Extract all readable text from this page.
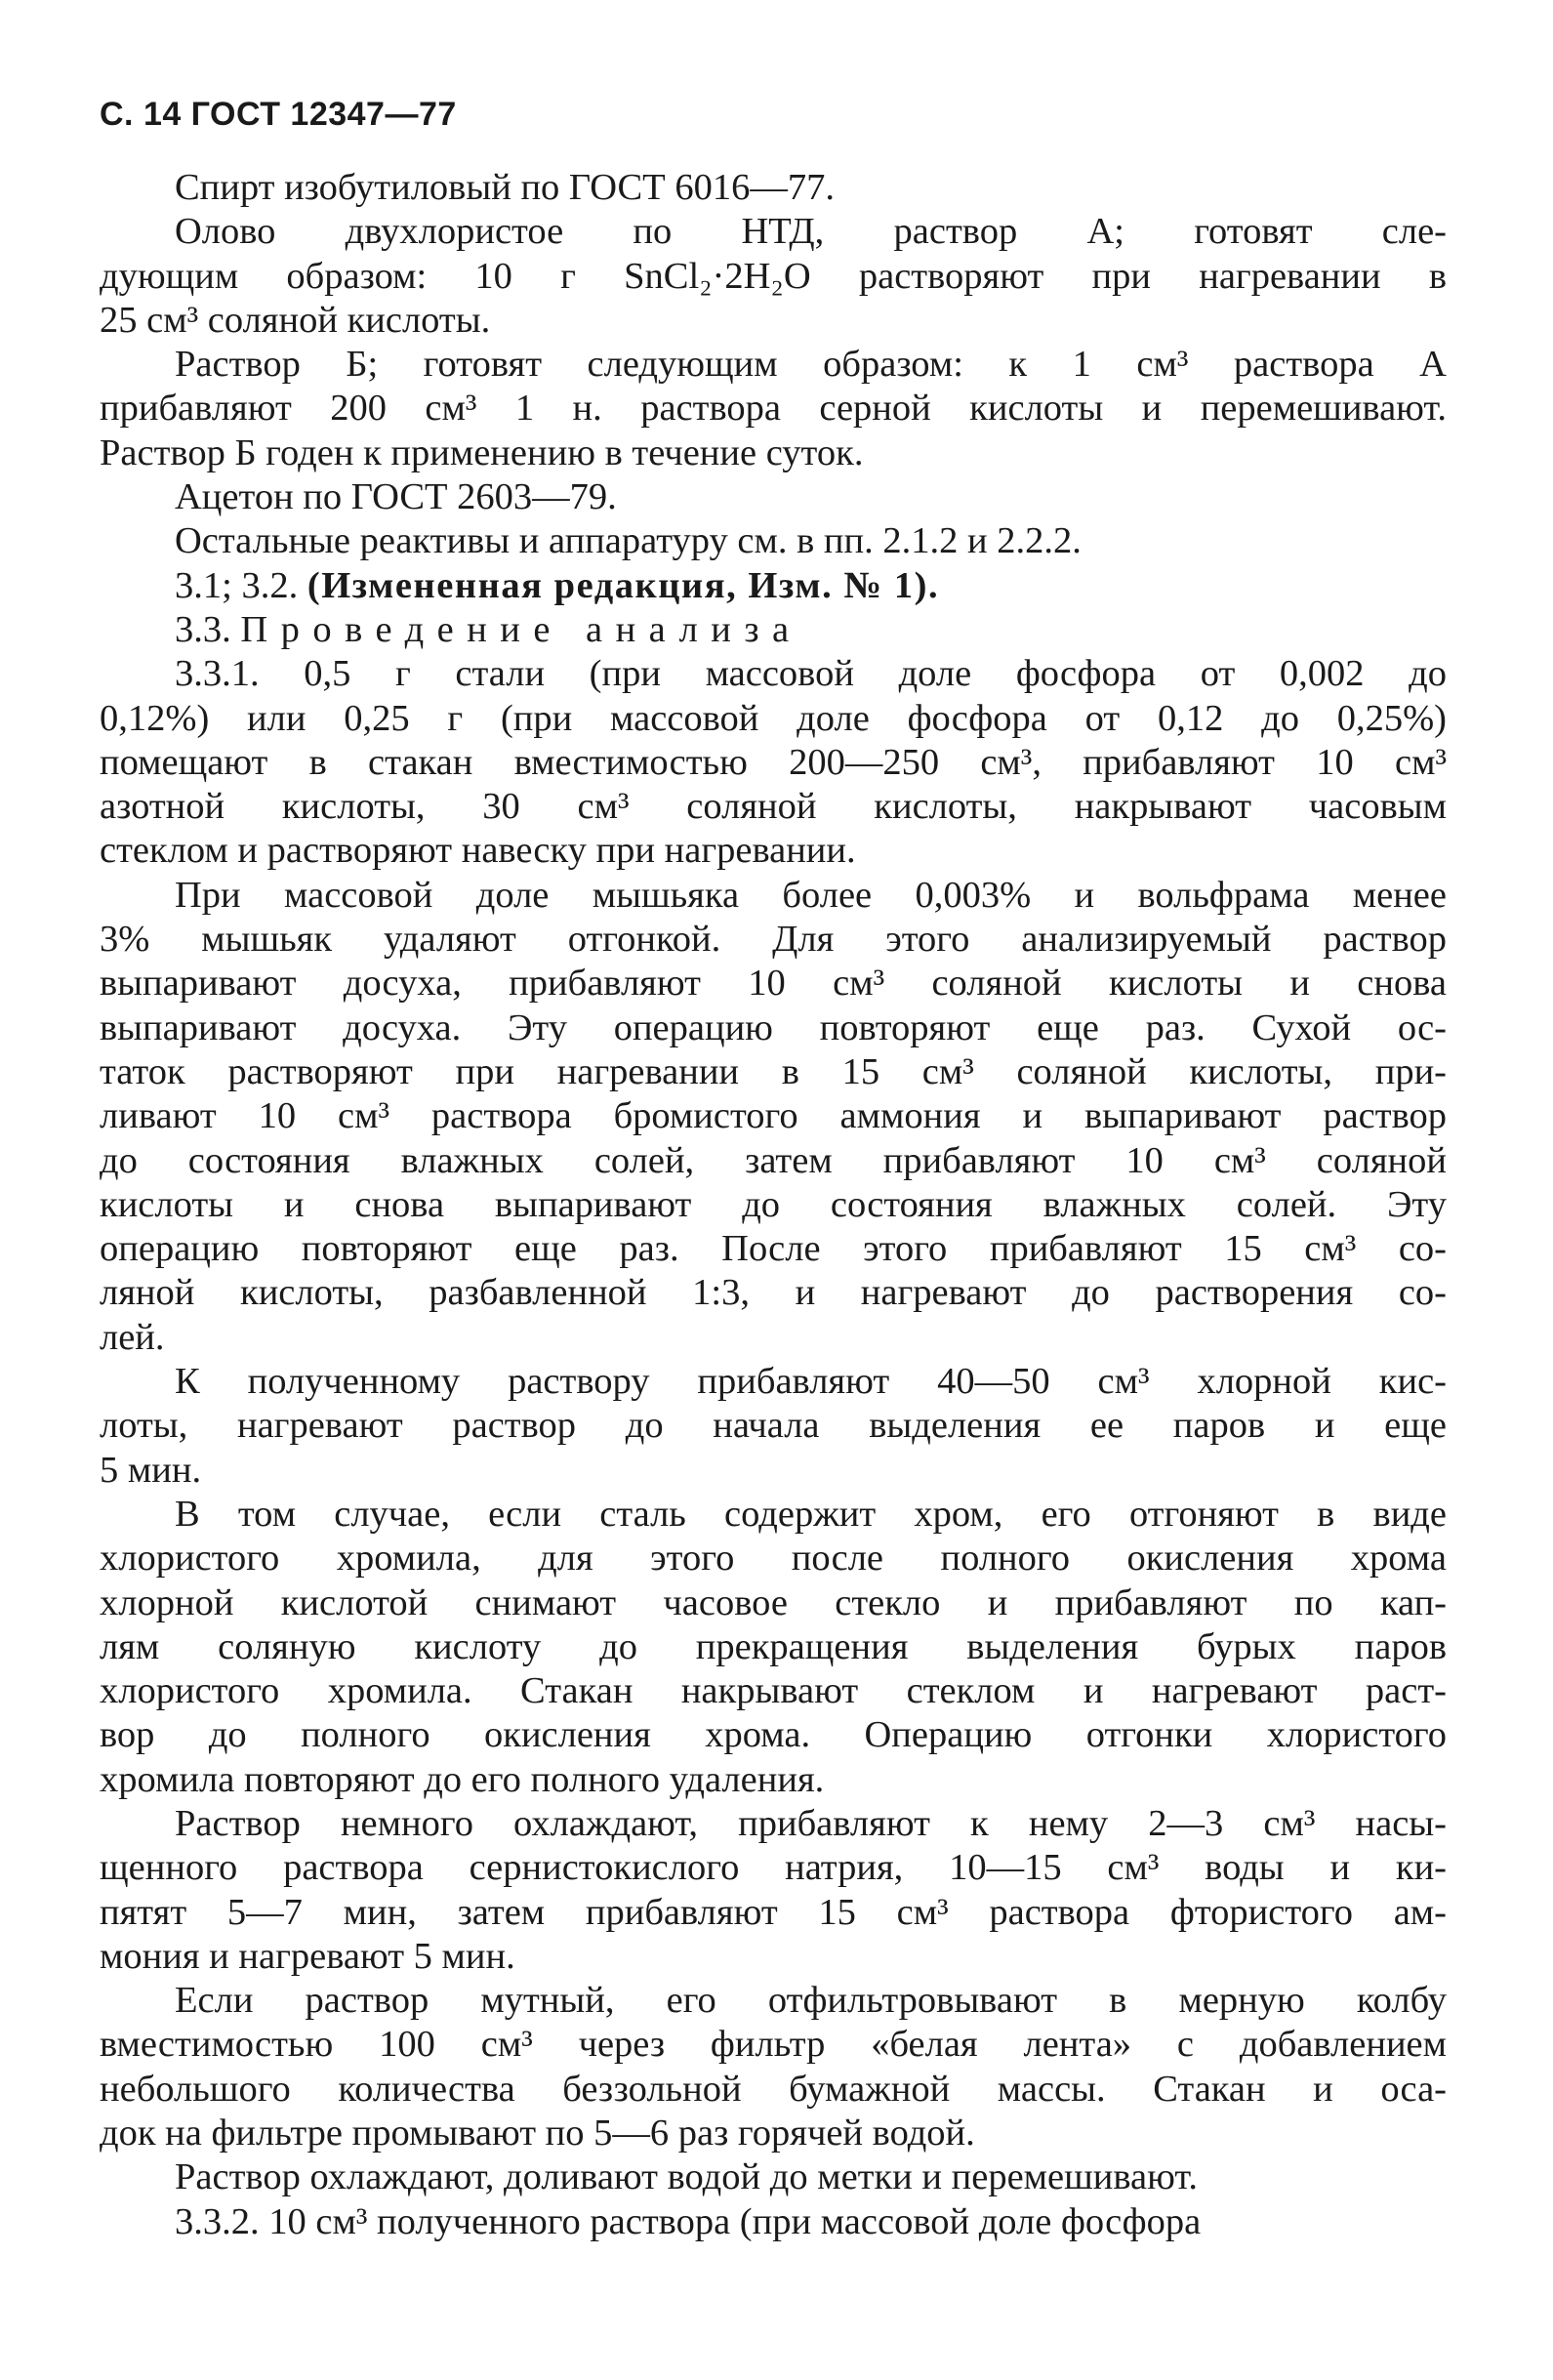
С. 14 ГОСТ 12347—77
Спирт изобутиловый по ГОСТ 6016—77.
Олово двухлористое по НТД, раствор А; готовят сле-
дующим образом: 10 г SnCl₂·2H₂O растворяют при нагревании в
25 см³ соляной кислоты.
Раствор Б; готовят следующим образом: к 1 см³ раствора А
прибавляют 200 см³ 1 н. раствора серной кислоты и перемешивают.
Раствор Б годен к применению в течение суток.
Ацетон по ГОСТ 2603—79.
Остальные реактивы и аппаратуру см. в пп. 2.1.2 и 2.2.2.
3.1; 3.2. (Измененная редакция, Изм. № 1).
3.3. Проведение анализа
3.3.1. 0,5 г стали (при массовой доле фосфора от 0,002 до
0,12%) или 0,25 г (при массовой доле фосфора от 0,12 до 0,25%)
помещают в стакан вместимостью 200—250 см³, прибавляют 10 см³
азотной кислоты, 30 см³ соляной кислоты, накрывают часовым
стеклом и растворяют навеску при нагревании.
При массовой доле мышьяка более 0,003% и вольфрама менее
3% мышьяк удаляют отгонкой. Для этого анализируемый раствор
выпаривают досуха, прибавляют 10 см³ соляной кислоты и снова
выпаривают досуха. Эту операцию повторяют еще раз. Сухой ос-
таток растворяют при нагревании в 15 см³ соляной кислоты, при-
ливают 10 см³ раствора бромистого аммония и выпаривают раствор
до состояния влажных солей, затем прибавляют 10 см³ соляной
кислоты и снова выпаривают до состояния влажных солей. Эту
операцию повторяют еще раз. После этого прибавляют 15 см³ со-
ляной кислоты, разбавленной 1:3, и нагревают до растворения со-
лей.
К полученному раствору прибавляют 40—50 см³ хлорной кис-
лоты, нагревают раствор до начала выделения ее паров и еще
5 мин.
В том случае, если сталь содержит хром, его отгоняют в виде
хлористого хромила, для этого после полного окисления хрома
хлорной кислотой снимают часовое стекло и прибавляют по кап-
лям соляную кислоту до прекращения выделения бурых паров
хлористого хромила. Стакан накрывают стеклом и нагревают раст-
вор до полного окисления хрома. Операцию отгонки хлористого
хромила повторяют до его полного удаления.
Раствор немного охлаждают, прибавляют к нему 2—3 см³ насы-
щенного раствора сернистокислого натрия, 10—15 см³ воды и ки-
пятят 5—7 мин, затем прибавляют 15 см³ раствора фтористого ам-
мония и нагревают 5 мин.
Если раствор мутный, его отфильтровывают в мерную колбу
вместимостью 100 см³ через фильтр «белая лента» с добавлением
небольшого количества беззольной бумажной массы. Стакан и оса-
док на фильтре промывают по 5—6 раз горячей водой.
Раствор охлаждают, доливают водой до метки и перемешивают.
3.3.2. 10 см³ полученного раствора (при массовой доле фосфора
